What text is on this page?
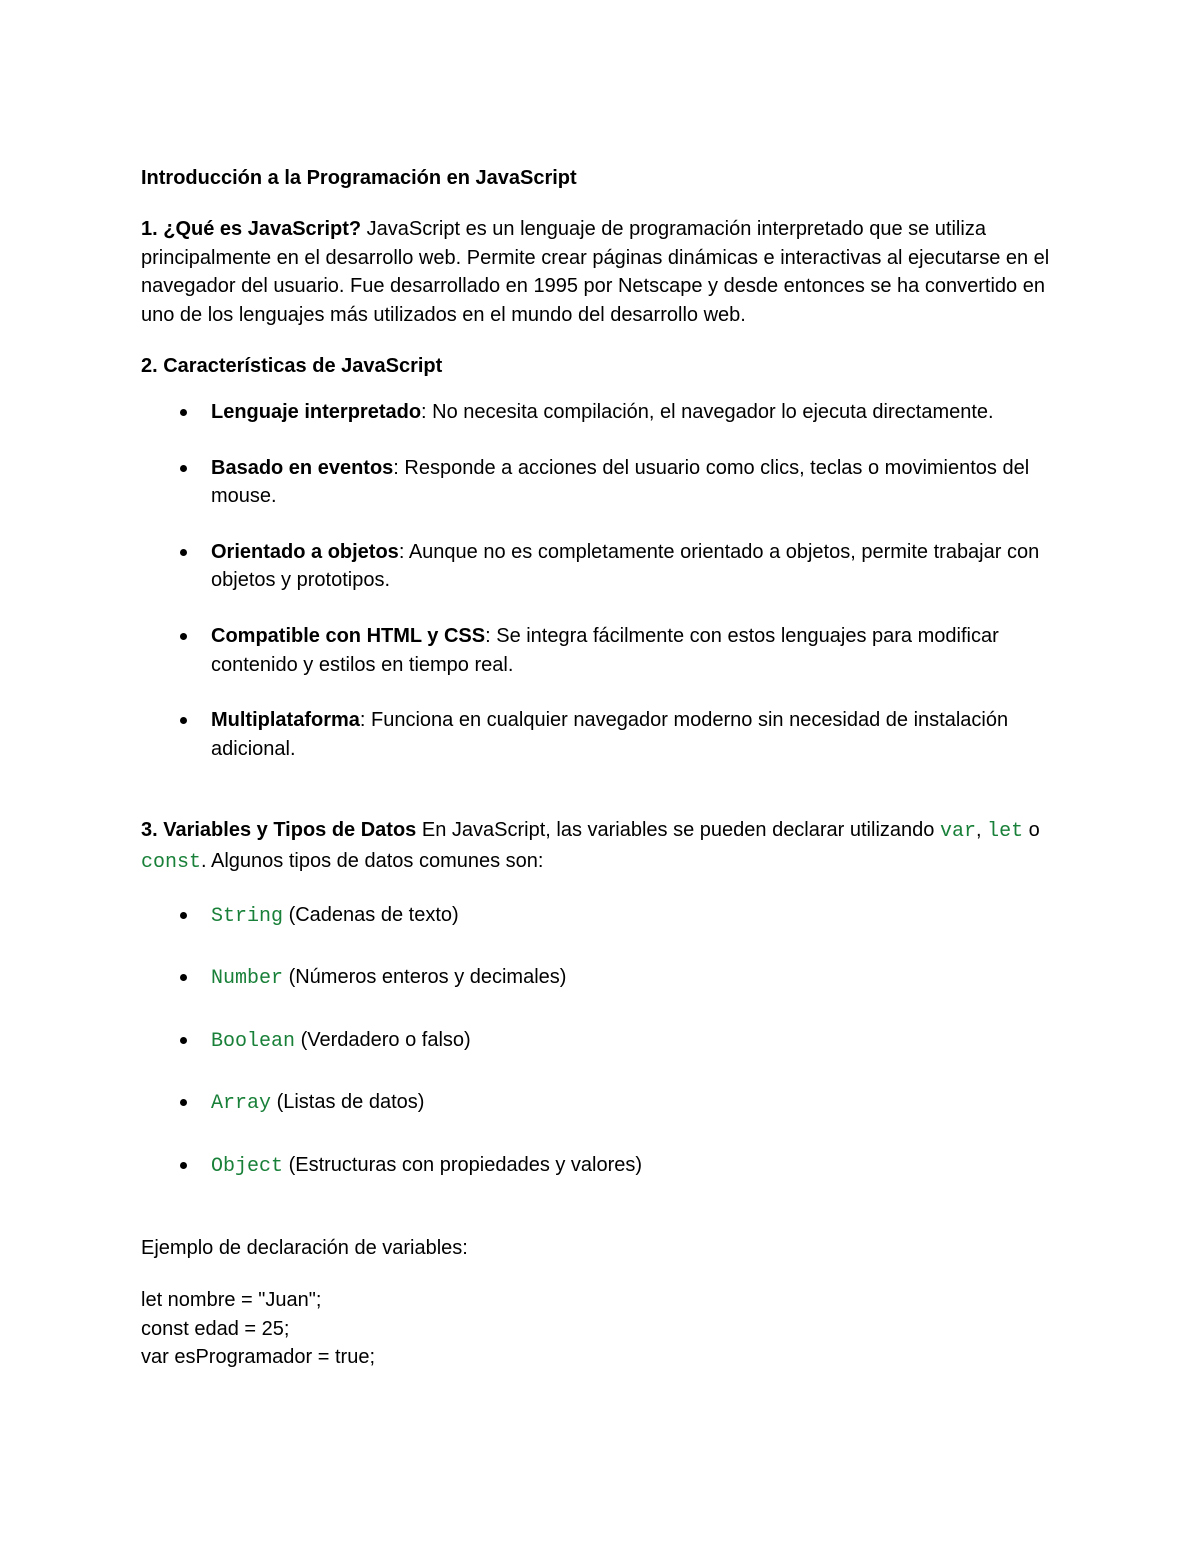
Introducción a la Programación en JavaScript

1. ¿Qué es JavaScript? JavaScript es un lenguaje de programación interpretado que se utiliza principalmente en el desarrollo web. Permite crear páginas dinámicas e interactivas al ejecutarse en el navegador del usuario. Fue desarrollado en 1995 por Netscape y desde entonces se ha convertido en uno de los lenguajes más utilizados en el mundo del desarrollo web.

2. Características de JavaScript

Lenguaje interpretado: No necesita compilación, el navegador lo ejecuta directamente.
Basado en eventos: Responde a acciones del usuario como clics, teclas o movimientos del mouse.
Orientado a objetos: Aunque no es completamente orientado a objetos, permite trabajar con objetos y prototipos.
Compatible con HTML y CSS: Se integra fácilmente con estos lenguajes para modificar contenido y estilos en tiempo real.
Multiplataforma: Funciona en cualquier navegador moderno sin necesidad de instalación adicional.

3. Variables y Tipos de Datos En JavaScript, las variables se pueden declarar utilizando var, let o const. Algunos tipos de datos comunes son:

String (Cadenas de texto)
Number (Números enteros y decimales)
Boolean (Verdadero o falso)
Array (Listas de datos)
Object (Estructuras con propiedades y valores)

Ejemplo de declaración de variables:

let nombre = "Juan";
const edad = 25;
var esProgramador = true;
